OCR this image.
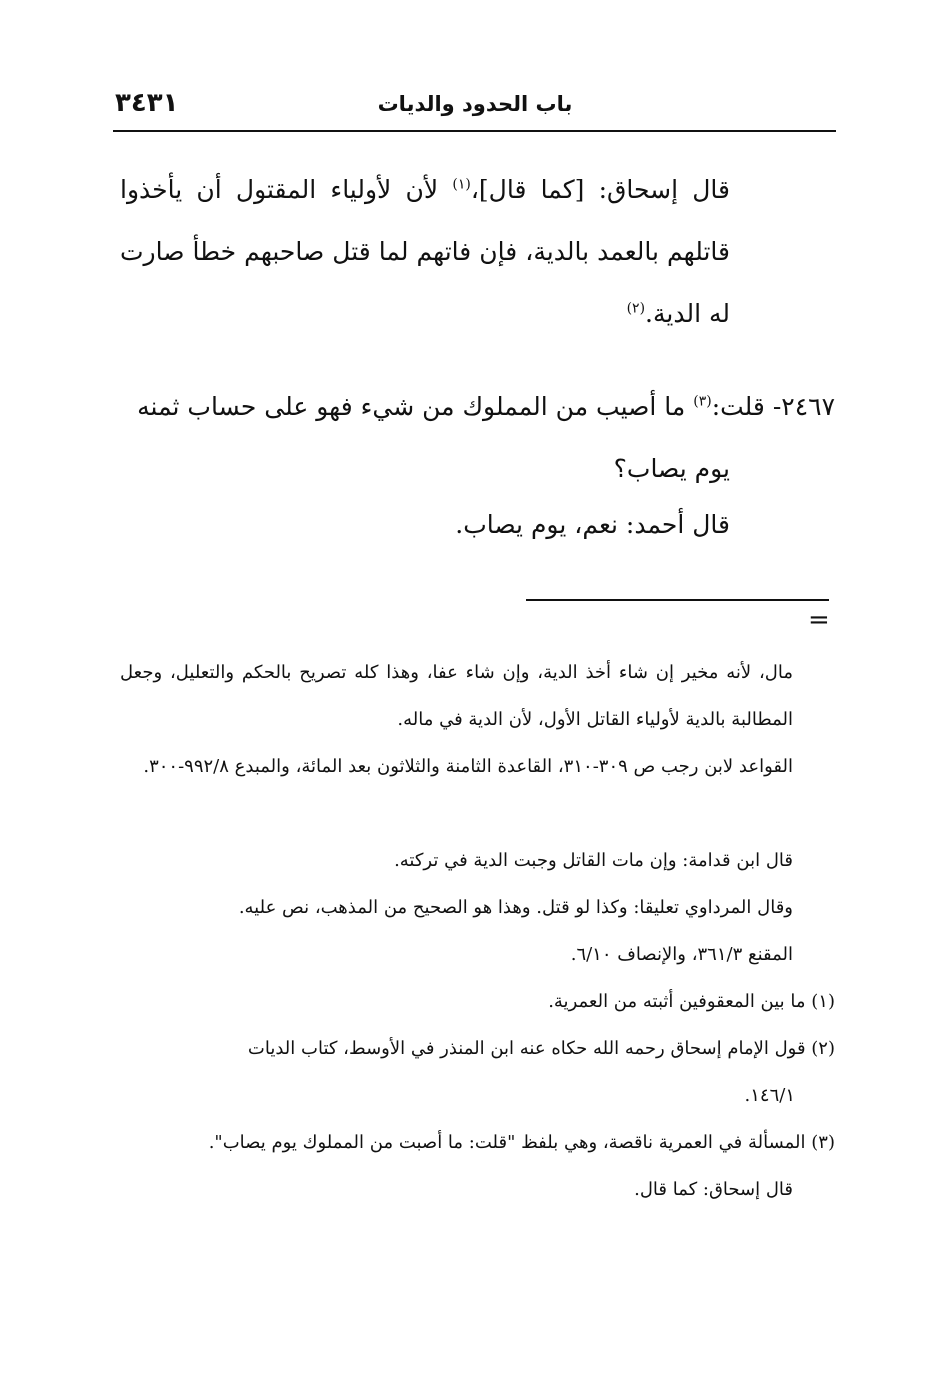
٣٤٣١	باب الحدود والديات

قال إسحاق: [كما قال]،$^{(١)}$ لأن لأولياء المقتول أن يأخذوا قاتلهم بالعمد بالدية، فإن فاتهم لما قتل صاحبهم خطأ صارت له الدية.$^{(٢)}$

٢٤٦٧- قلت:$^{(٣)}$ ما أصيب من المملوك من شيء فهو على حساب ثمنه
يوم يصاب؟

قال أحمد: نعم، يوم يصاب.

=

مال، لأنه مخير إن شاء أخذ الدية، وإن شاء عفا، وهذا كله تصريح بالحكم والتعليل، وجعل المطالبة بالدية لأولياء القاتل الأول، لأن الدية في ماله.

القواعد لابن رجب ص ٣٠٩-٣١٠، القاعدة الثامنة والثلاثون بعد المائة، والمبدع ٩٩٢/٨-٣٠٠.

قال ابن قدامة: وإن مات القاتل وجبت الدية في تركته.

وقال المرداوي تعليقا: وكذا لو قتل. وهذا هو الصحيح من المذهب، نص عليه.

المقنع ٣٦١/٣، والإنصاف ٦/١٠.

(١) ما بين المعقوفين أثبته من العمرية.

(٢) قول الإمام إسحاق رحمه الله حكاه عنه ابن المنذر في الأوسط، كتاب الديات
١٤٦/١.

(٣) المسألة في العمرية ناقصة، وهي بلفظ "قلت: ما أصبت من المملوك يوم يصاب".

قال إسحاق: كما قال.
